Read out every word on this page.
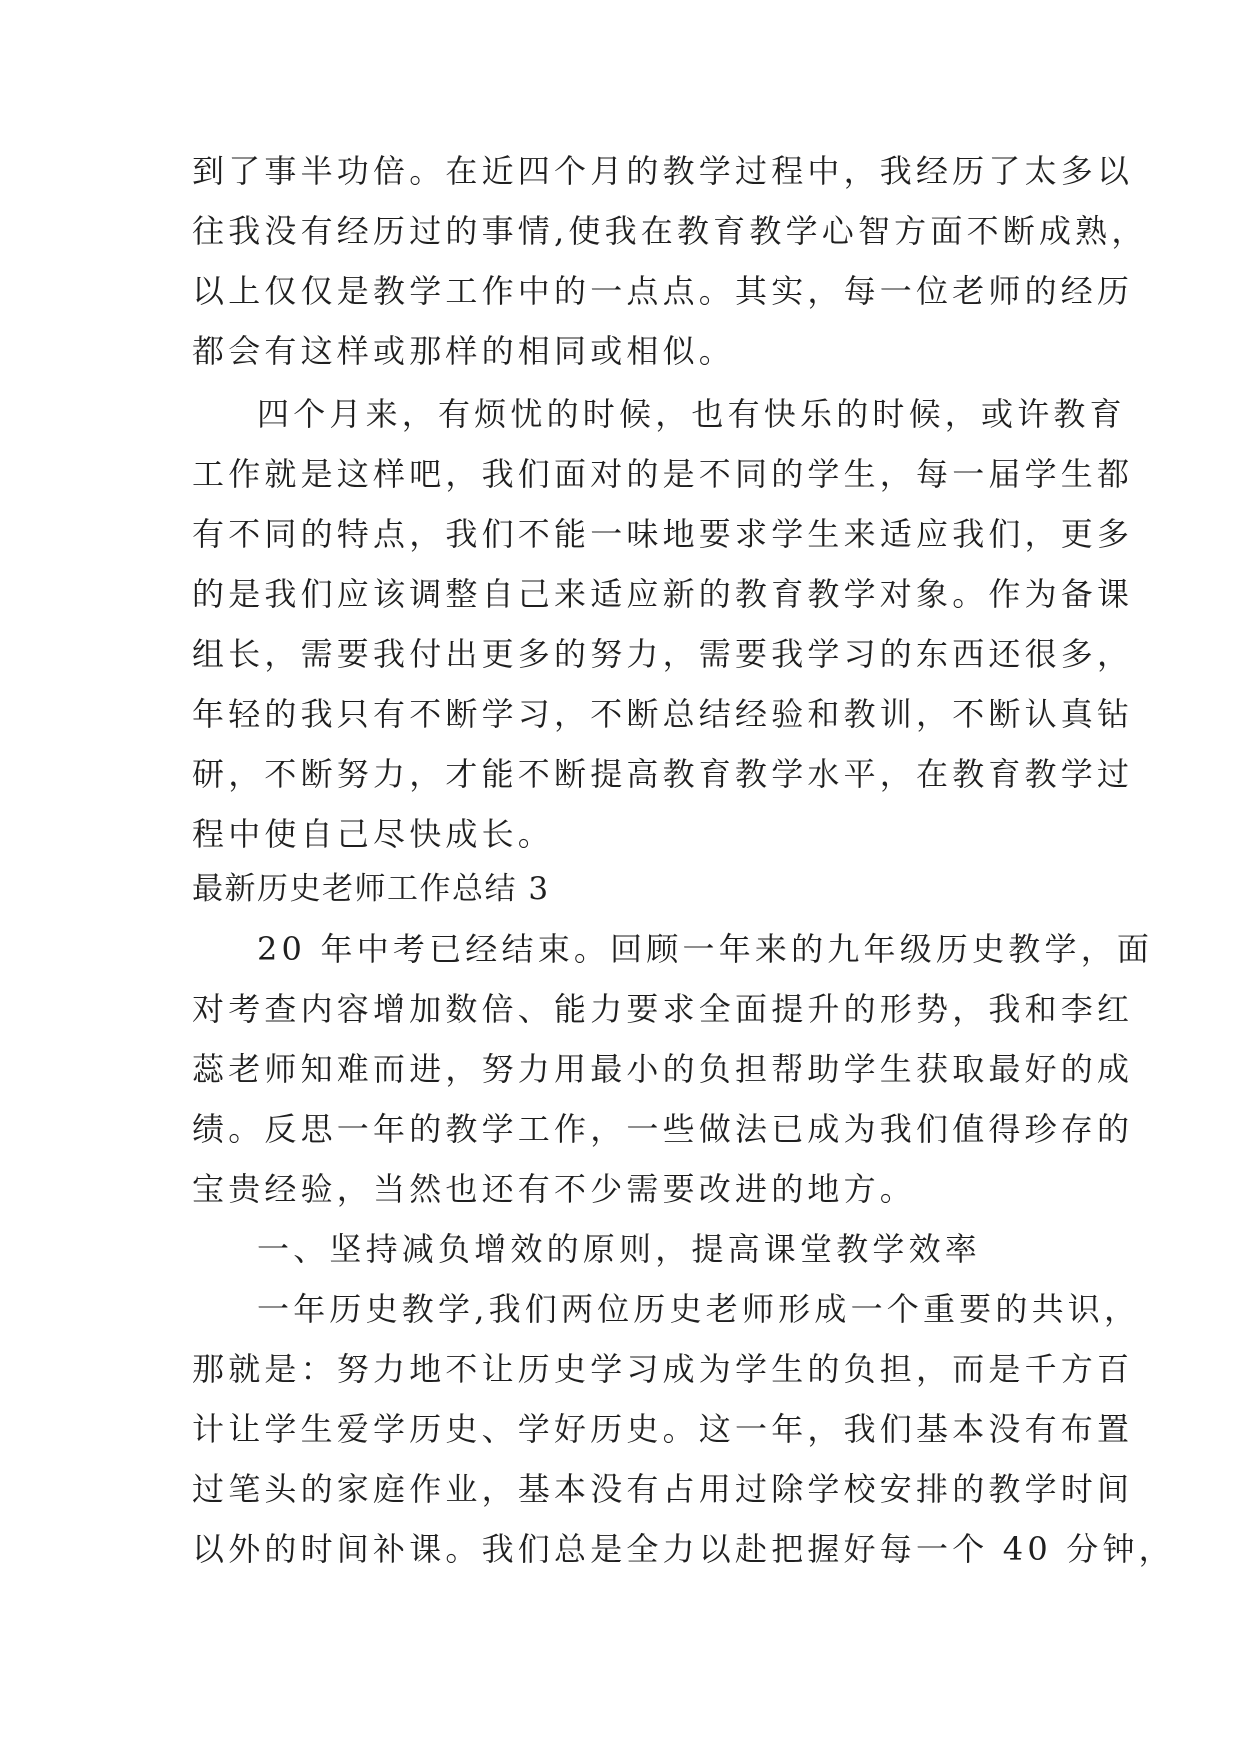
到了事半功倍。在近四个月的教学过程中，我经历了太多以

往我没有经历过的事情,使我在教育教学心智方面不断成熟，

以上仅仅是教学工作中的一点点。其实，每一位老师的经历

都会有这样或那样的相同或相似。

四个月来，有烦忧的时候，也有快乐的时候，或许教育

工作就是这样吧，我们面对的是不同的学生，每一届学生都

有不同的特点，我们不能一味地要求学生来适应我们，更多

的是我们应该调整自己来适应新的教育教学对象。作为备课

组长，需要我付出更多的努力，需要我学习的东西还很多，

年轻的我只有不断学习，不断总结经验和教训，不断认真钻

研，不断努力，才能不断提高教育教学水平，在教育教学过

程中使自己尽快成长。

最新历史老师工作总结 3

20 年中考已经结束。回顾一年来的九年级历史教学，面

对考查内容增加数倍、能力要求全面提升的形势，我和李红

蕊老师知难而进，努力用最小的负担帮助学生获取最好的成

绩。反思一年的教学工作，一些做法已成为我们值得珍存的

宝贵经验，当然也还有不少需要改进的地方。

一、坚持减负增效的原则，提高课堂教学效率

一年历史教学,我们两位历史老师形成一个重要的共识，

那就是：努力地不让历史学习成为学生的负担，而是千方百

计让学生爱学历史、学好历史。这一年，我们基本没有布置

过笔头的家庭作业，基本没有占用过除学校安排的教学时间

以外的时间补课。我们总是全力以赴把握好每一个 40 分钟，
